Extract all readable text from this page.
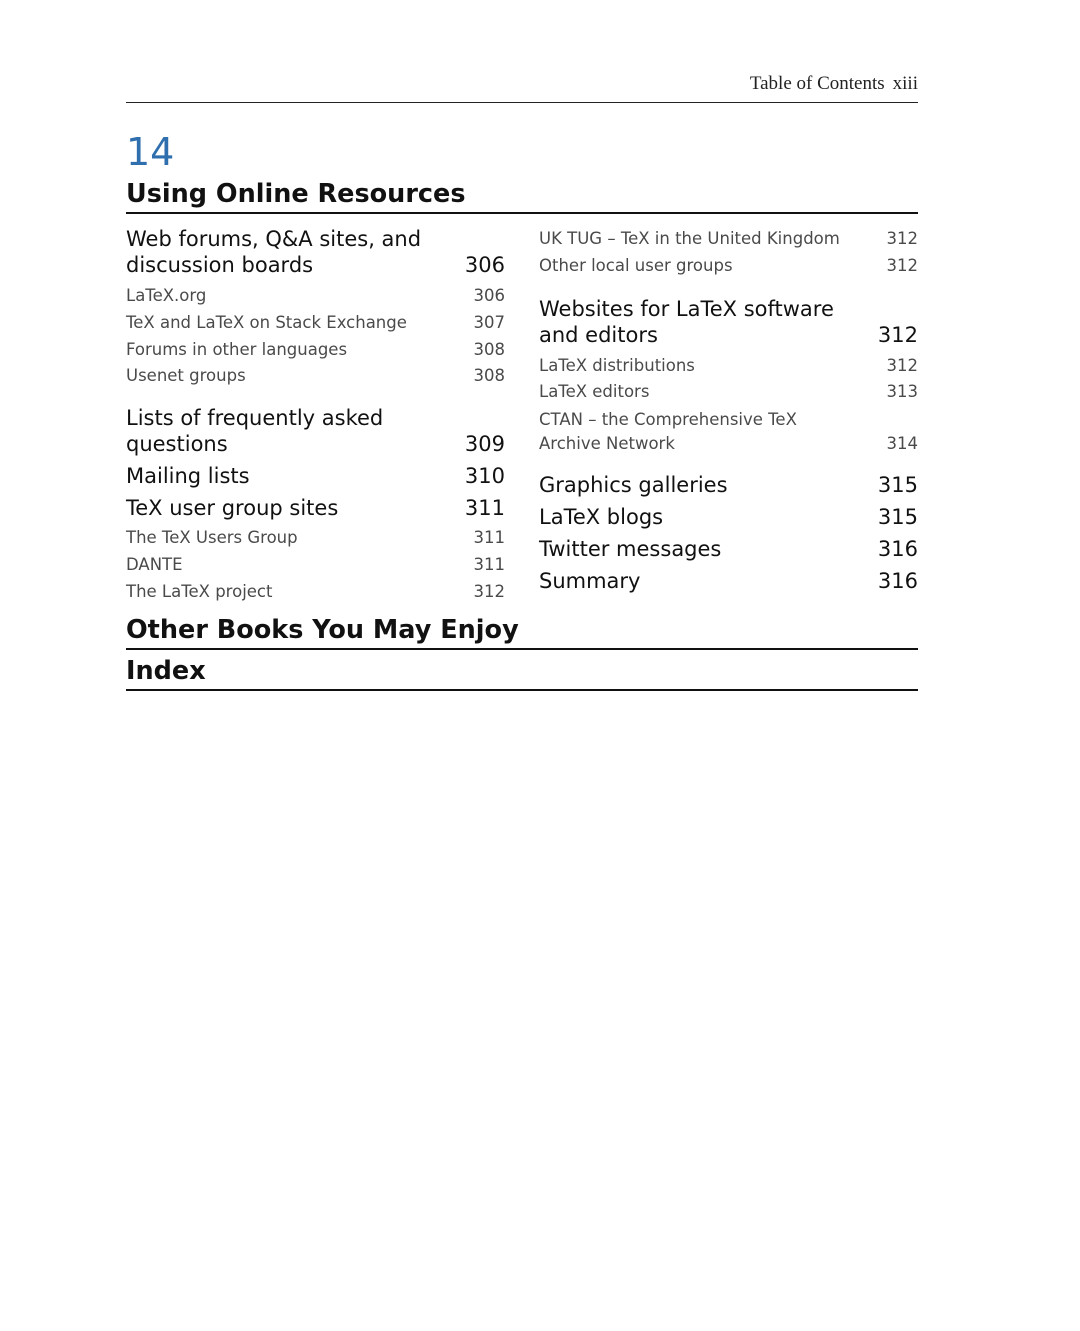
Table of Contents xiii
14
Using Online Resources
Web forums, Q&A sites, and discussion boards	306
LaTeX.org	306
TeX and LaTeX on Stack Exchange	307
Forums in other languages	308
Usenet groups	308
Lists of frequently asked questions	309
Mailing lists	310
TeX user group sites	311
The TeX Users Group	311
DANTE	311
The LaTeX project	312
UK TUG – TeX in the United Kingdom	312
Other local user groups	312
Websites for LaTeX software and editors	312
LaTeX distributions	312
LaTeX editors	313
CTAN – the Comprehensive TeX Archive Network	314
Graphics galleries	315
LaTeX blogs	315
Twitter messages	316
Summary	316
Other Books You May Enjoy
Index
